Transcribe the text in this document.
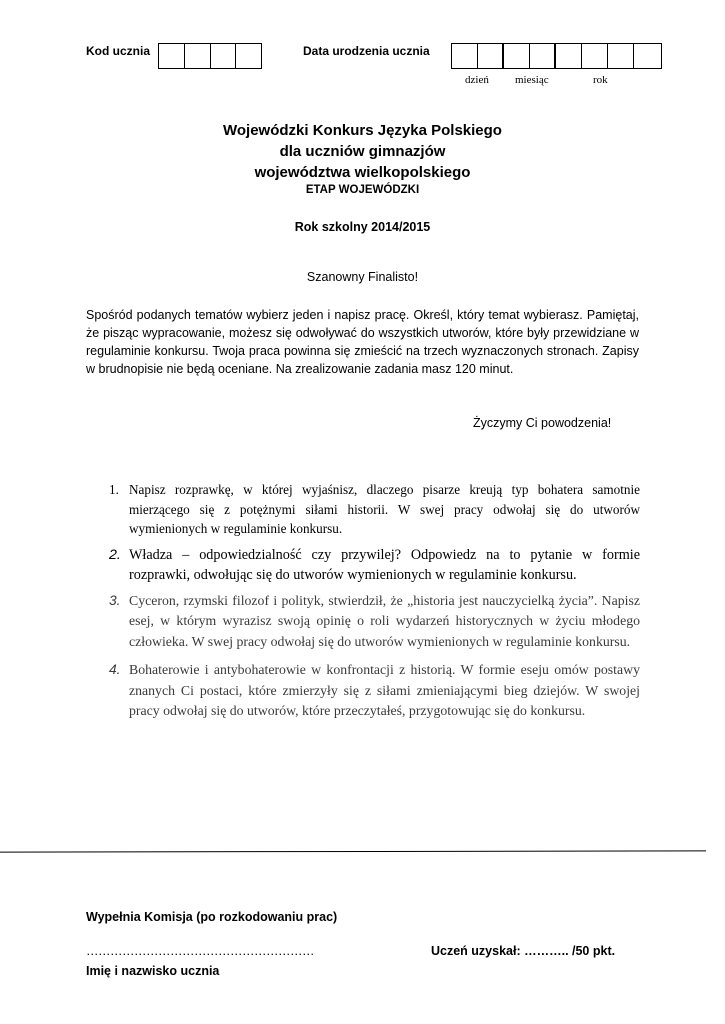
Kod ucznia	Data urodzenia ucznia
dzień miesiąc	rok
Wojewódzki Konkurs Języka Polskiego
dla uczniów gimnazjów
województwa wielkopolskiego
ETAP WOJEWÓDZKI
Rok szkolny 2014/2015
Szanowny Finalisto!
Spośród podanych tematów wybierz jeden i napisz pracę. Określ, który temat wybierasz. Pamiętaj, że pisząc wypracowanie, możesz się odwoływać do wszystkich utworów, które były przewidziane w regulaminie konkursu. Twoja praca powinna się zmieścić na trzech wyznaczonych stronach. Zapisy w brudnopisie nie będą oceniane. Na zrealizowanie zadania masz 120 minut.
Życzymy Ci powodzenia!
1. Napisz rozprawkę, w której wyjaśnisz, dlaczego pisarze kreują typ bohatera samotnie mierzącego się z potężnymi siłami historii. W swej pracy odwołaj się do utworów wymienionych w regulaminie konkursu.
2. Władza – odpowiedzialność czy przywilej? Odpowiedz na to pytanie w formie rozprawki, odwołując się do utworów wymienionych w regulaminie konkursu.
3. Cyceron, rzymski filozof i polityk, stwierdził, że „historia jest nauczycielką życia”. Napisz esej, w którym wyrazisz swoją opinię o roli wydarzeń historycznych w życiu młodego człowieka. W swej pracy odwołaj się do utworów wymienionych w regulaminie konkursu.
4. Bohaterowie i antybohaterowie w konfrontacji z historią. W formie eseju omów postawy znanych Ci postaci, które zmierzyły się z siłami zmieniającymi bieg dziejów. W swojej pracy odwołaj się do utworów, które przeczytałeś, przygotowując się do konkursu.
Wypełnia Komisja (po rozkodowaniu prac)
…………………………………………………	Uczeń uzyskał: ……….. /50 pkt.
Imię i nazwisko ucznia
